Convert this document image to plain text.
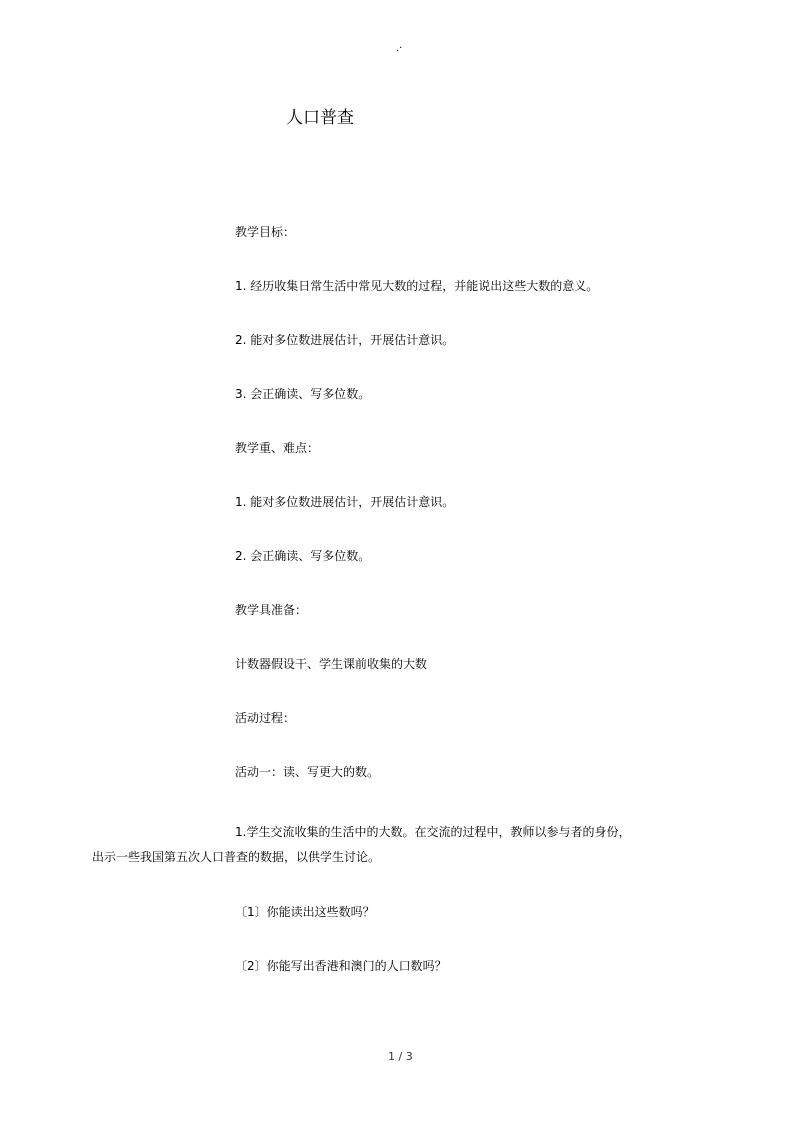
.·
人口普查
教学目标：
1. 经历收集日常生活中常见大数的过程，并能说出这些大数的意义。
2. 能对多位数进展估计，开展估计意识。
3. 会正确读、写多位数。
教学重、难点：
1. 能对多位数进展估计，开展估计意识。
2. 会正确读、写多位数。
教学具准备：
计数器假设干、学生课前收集的大数
活动过程：
活动一：读、写更大的数。
1.学生交流收集的生活中的大数。在交流的过程中，教师以参与者的身份，
出示一些我国第五次人口普查的数据，以供学生讨论。
〔1〕你能读出这些数吗？
〔2〕你能写出香港和澳门的人口数吗？
1 / 3
